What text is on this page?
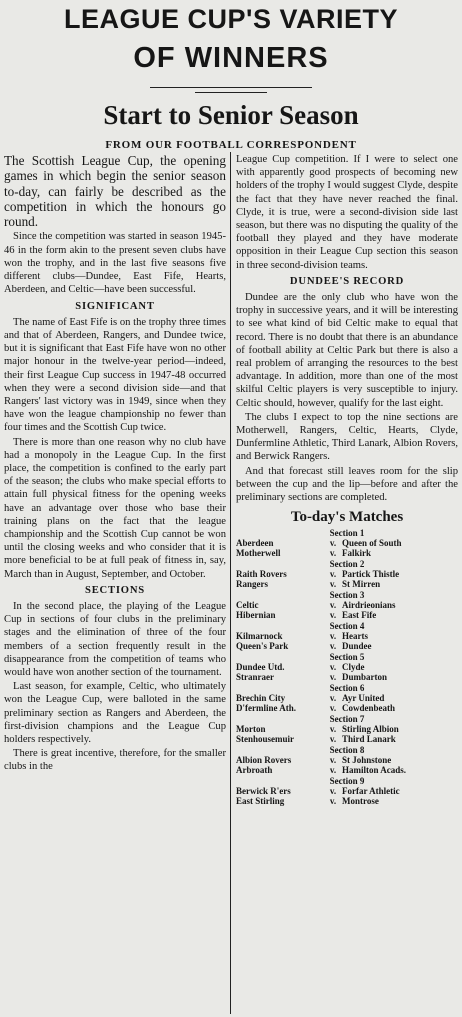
LEAGUE CUP'S VARIETY
OF WINNERS
Start to Senior Season
FROM OUR FOOTBALL CORRESPONDENT

The Scottish League Cup, the opening games in which begin the senior season to-day, can fairly be described as the competition in which the honours go round.

Since the competition was started in season 1945-46 in the form akin to the present seven clubs have won the trophy, and in the last five seasons five different clubs—Dundee, East Fife, Hearts, Aberdeen, and Celtic—have been successful.

SIGNIFICANT

The name of East Fife is on the trophy three times and that of Aberdeen, Rangers, and Dundee twice, but it is significant that East Fife have won no other major honour in the twelve-year period—indeed, their first League Cup success in 1947-48 occurred when they were a second division side—and that Rangers' last victory was in 1949, since when they have won the league championship no fewer than four times and the Scottish Cup twice.

There is more than one reason why no club have had a monopoly in the League Cup. In the first place, the competition is confined to the early part of the season; the clubs who make special efforts to attain full physical fitness for the opening weeks have an advantage over those who base their training plans on the fact that the league championship and the Scottish Cup cannot be won until the closing weeks and who consider that it is more beneficial to be at full peak of fitness in, say, March than in August, September, and October.

SECTIONS

In the second place, the playing of the League Cup in sections of four clubs in the preliminary stages and the elimination of three of the four members of a section frequently result in the disappearance from the competition of teams who would have won another section of the tournament.

Last season, for example, Celtic, who ultimately won the League Cup, were balloted in the same preliminary section as Rangers and Aberdeen, the first-division champions and the League Cup holders respectively.

There is great incentive, therefore, for the smaller clubs in the

League Cup competition. If I were to select one with apparently good prospects of becoming new holders of the trophy I would suggest Clyde, despite the fact that they have never reached the final. Clyde, it is true, were a second-division side last season, but there was no disputing the quality of the football they played and they have moderate opposition in their League Cup section this season in three second-division teams.

DUNDEE'S RECORD

Dundee are the only club who have won the trophy in successive years, and it will be interesting to see what kind of bid Celtic make to equal that record. There is no doubt that there is an abundance of football ability at Celtic Park but there is also a real problem of arranging the resources to the best advantage. In addition, more than one of the most skilful Celtic players is very susceptible to injury. Celtic should, however, qualify for the last eight.

The clubs I expect to top the nine sections are Motherwell, Rangers, Celtic, Hearts, Clyde, Dunfermline Athletic, Third Lanark, Albion Rovers, and Berwick Rangers.

And that forecast still leaves room for the slip between the cup and the lip—before and after the preliminary sections are completed.

To-day's Matches
Section 1
Aberdeen	v. Queen of South
Motherwell	v. Falkirk
Section 2
Raith Rovers	v. Partick Thistle
Rangers	v. St Mirren
Section 3
Celtic	v. Airdrieonians
Hibernian	v. East Fife
Section 4
Kilmarnock	v. Hearts
Queen's Park	v. Dundee
Section 5
Dundee Utd.	v. Clyde
Stranraer	v. Dumbarton
Section 6
Brechin City	v. Ayr United
D'fermline Ath.	v. Cowdenbeath
Section 7
Morton	v. Stirling Albion
Stenhousemuir	v. Third Lanark
Section 8
Albion Rovers	v. St Johnstone
Arbroath	v. Hamilton Acads.
Section 9
Berwick R'ers	v. Forfar Athletic
East Stirling	v. Montrose
